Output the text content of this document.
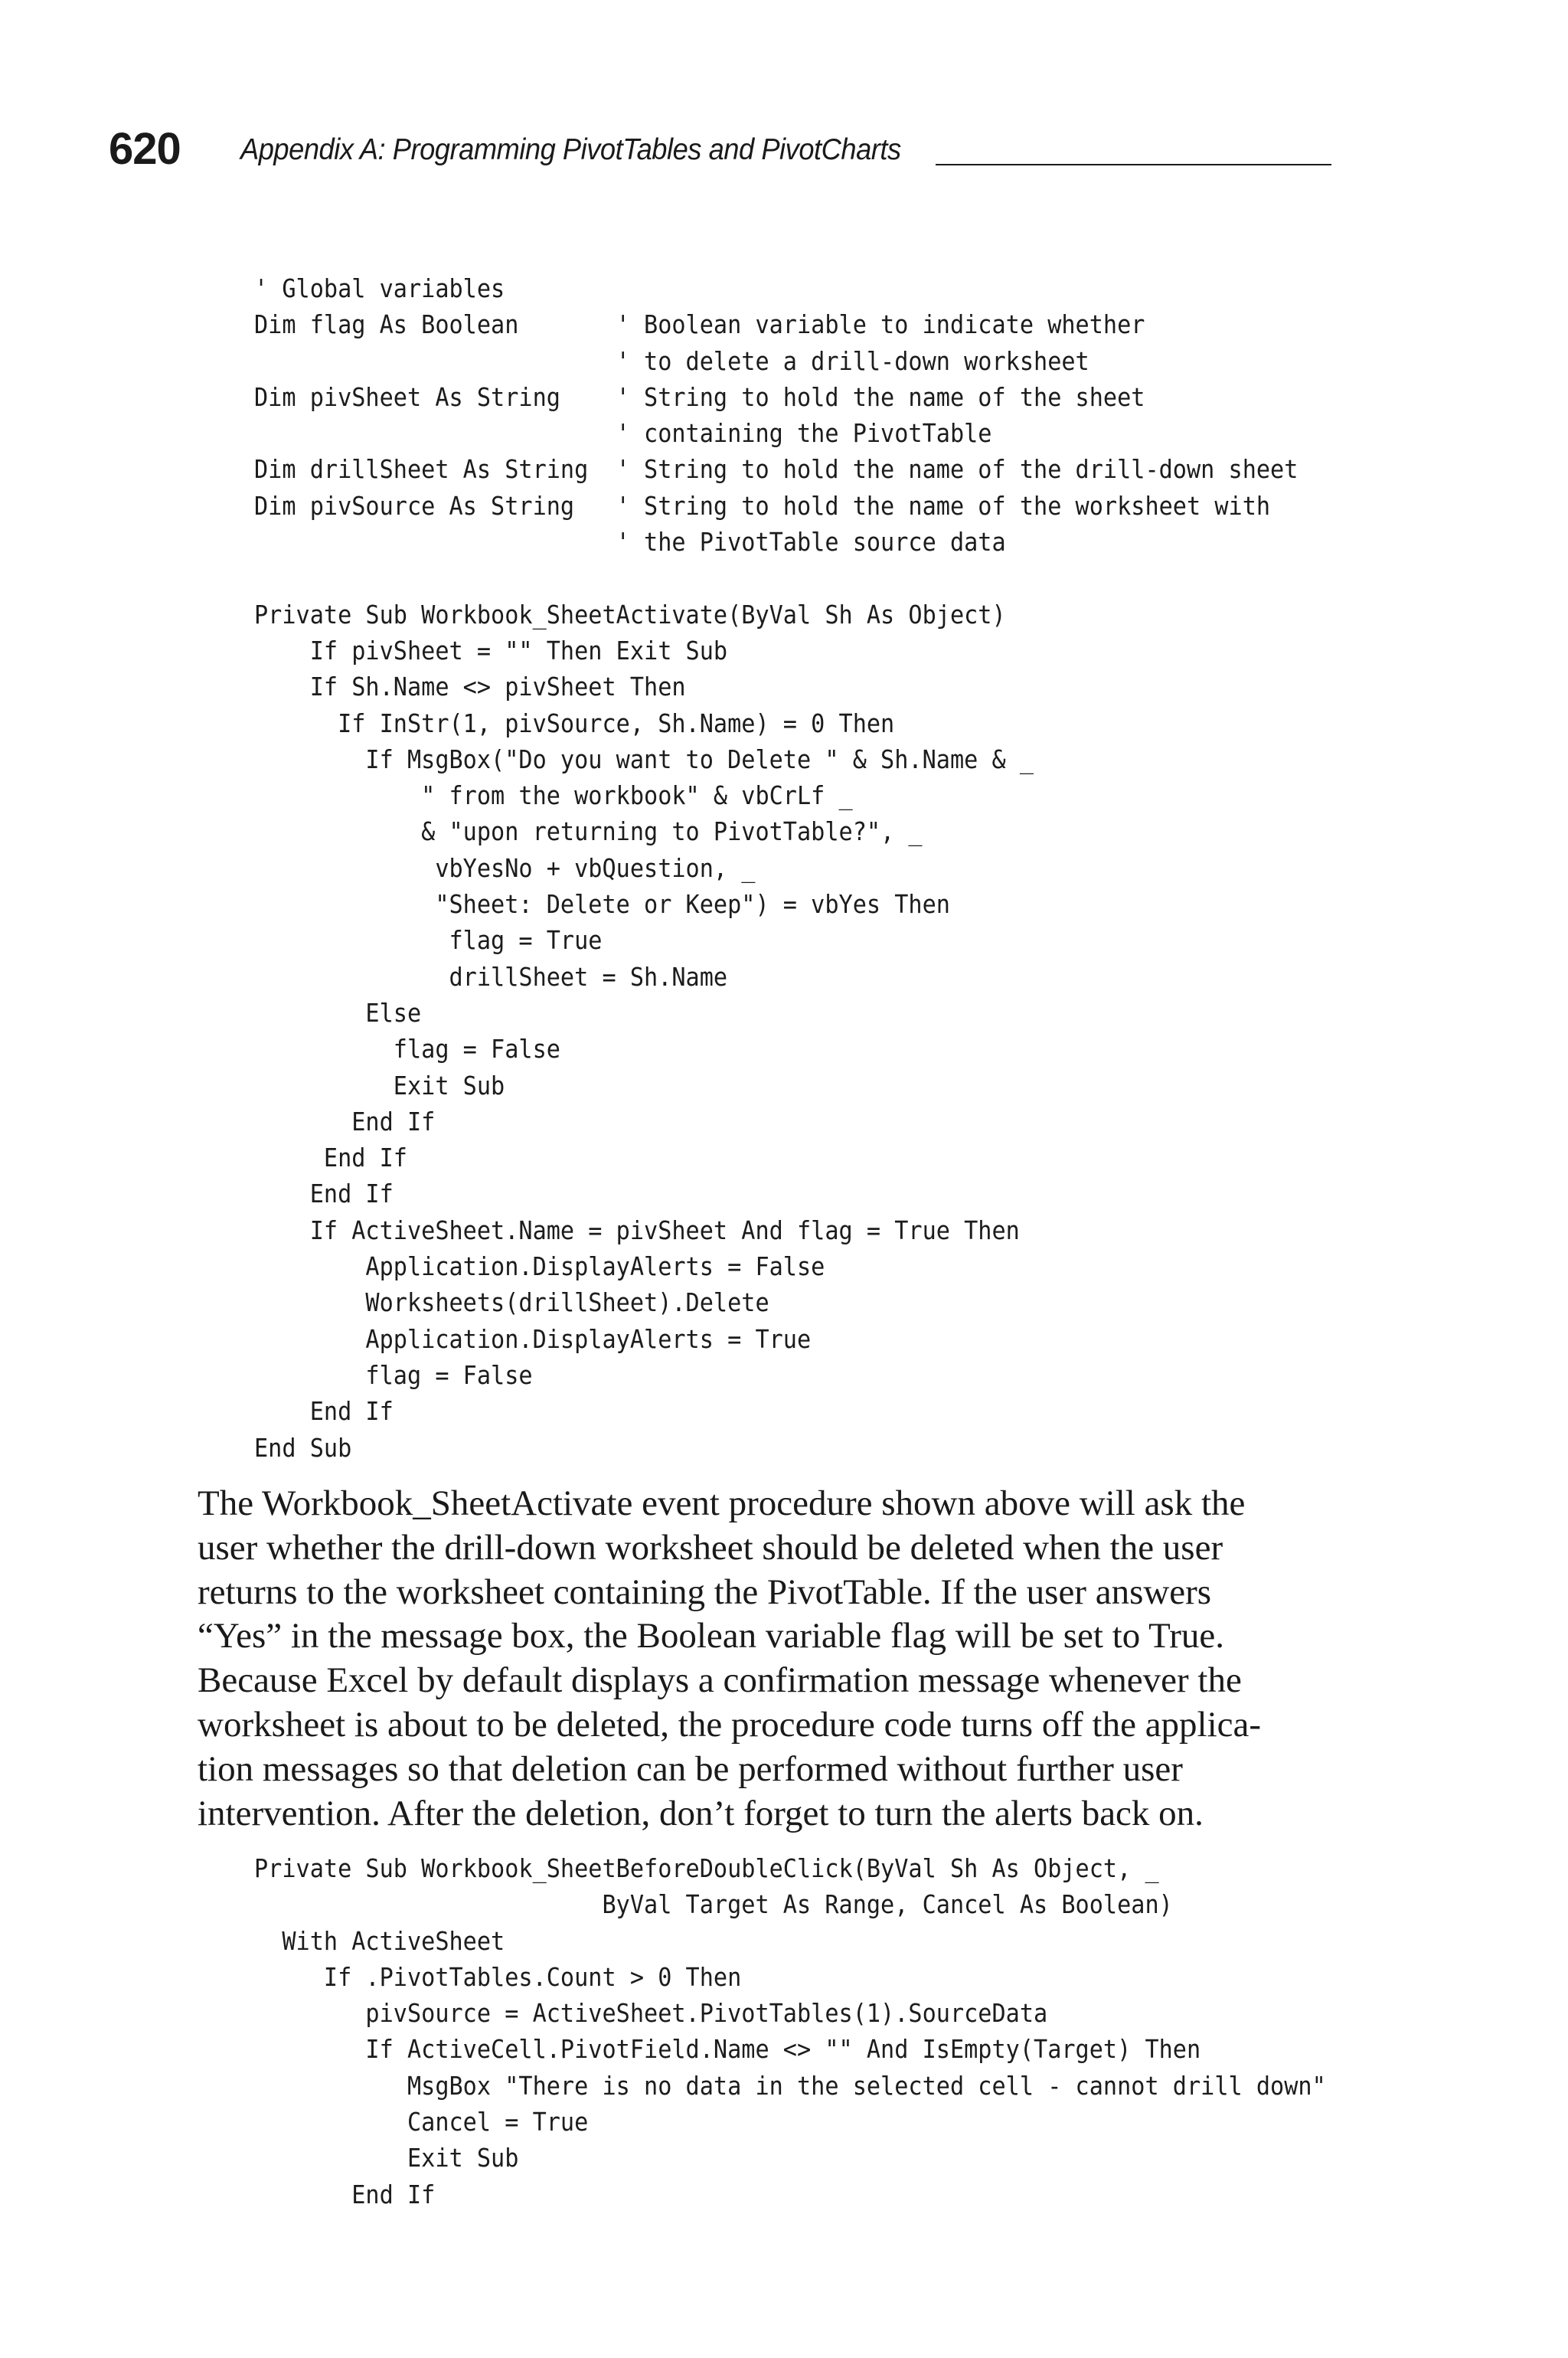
620 Appendix A: Programming PivotTables and PivotCharts
' Global variables
Dim flag As Boolean       ' Boolean variable to indicate whether
' to delete a drill-down worksheet
Dim pivSheet As String    ' String to hold the name of the sheet
' containing the PivotTable
Dim drillSheet As String  ' String to hold the name of the drill-down sheet
Dim pivSource As String   ' String to hold the name of the worksheet with
' the PivotTable source data
Private Sub Workbook_SheetActivate(ByVal Sh As Object)
If pivSheet = "" Then Exit Sub
If Sh.Name <> pivSheet Then
If InStr(1, pivSource, Sh.Name) = 0 Then
If MsgBox("Do you want to Delete " & Sh.Name & _
" from the workbook" & vbCrLf _
& "upon returning to PivotTable?", _
vbYesNo + vbQuestion, _
"Sheet: Delete or Keep") = vbYes Then
flag = True
drillSheet = Sh.Name
Else
flag = False
Exit Sub
End If
End If
End If
If ActiveSheet.Name = pivSheet And flag = True Then
Application.DisplayAlerts = False
Worksheets(drillSheet).Delete
Application.DisplayAlerts = True
flag = False
End If
End Sub

The Workbook_SheetActivate event procedure shown above will ask the
user whether the drill-down worksheet should be deleted when the user
returns to the worksheet containing the PivotTable. If the user answers
“Yes” in the message box, the Boolean variable flag will be set to True.
Because Excel by default displays a confirmation message whenever the
worksheet is about to be deleted, the procedure code turns off the applica-
tion messages so that deletion can be performed without further user
intervention. After the deletion, don’t forget to turn the alerts back on.

Private Sub Workbook_SheetBeforeDoubleClick(ByVal Sh As Object, _
ByVal Target As Range, Cancel As Boolean)
With ActiveSheet
If .PivotTables.Count > 0 Then
pivSource = ActiveSheet.PivotTables(1).SourceData
If ActiveCell.PivotField.Name <> "" And IsEmpty(Target) Then
MsgBox "There is no data in the selected cell - cannot drill down"
Cancel = True
Exit Sub
End If
